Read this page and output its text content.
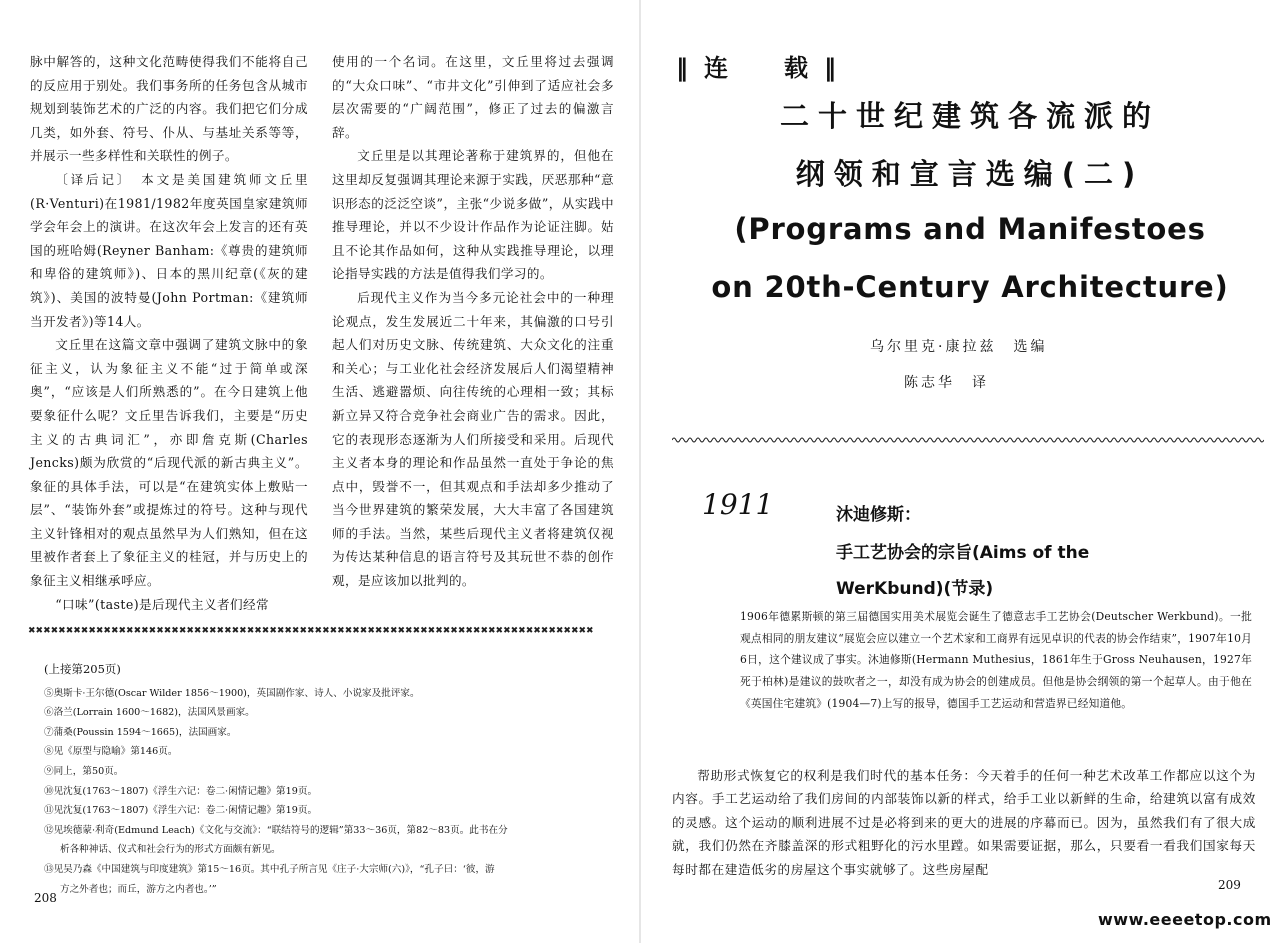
脉中解答的，这种文化范畴使得我们不能将自己的反应用于别处。我们事务所的任务包含从城市规划到装饰艺术的广泛的内容。我们把它们分成几类，如外套、符号、仆从、与基址关系等等，并展示一些多样性和关联性的例子。

〔译后记〕　本文是美国建筑师文丘里(R·Venturi)在1981/1982年度英国皇家建筑师学会年会上的演讲。在这次年会上发言的还有英国的班哈姆(Reyner Banham:《尊贵的建筑师和卑俗的建筑师》)、日本的黑川纪章(《灰的建筑》)、美国的波特曼(John Portman:《建筑师当开发者》)等14人。

文丘里在这篇文章中强调了建筑文脉中的象征主义，认为象征主义不能“过于简单或深奥”，“应该是人们所熟悉的”。在今日建筑上他要象征什么呢？文丘里告诉我们，主要是“历史主义的古典词汇”，亦即詹克斯(Charles Jencks)颇为欣赏的“后现代派的新古典主义”。象征的具体手法，可以是“在建筑实体上敷贴一层”、“装饰外套”或提炼过的符号。这种与现代主义针锋相对的观点虽然早为人们熟知，但在这里被作者套上了象征主义的桂冠，并与历史上的象征主义相继承呼应。

“口味”(taste)是后现代主义者们经常

使用的一个名词。在这里，文丘里将过去强调的“大众口味”、“市井文化”引伸到了适应社会多层次需要的“广阔范围”，修正了过去的偏激言辞。

文丘里是以其理论著称于建筑界的，但他在这里却反复强调其理论来源于实践，厌恶那种“意识形态的泛泛空谈”，主张“少说多做”，从实践中推导理论，并以不少设计作品作为论证注脚。姑且不论其作品如何，这种从实践推导理论，以理论指导实践的方法是值得我们学习的。

后现代主义作为当今多元论社会中的一种理论观点，发生发展近二十年来，其偏激的口号引起人们对历史文脉、传统建筑、大众文化的注重和关心；与工业化社会经济发展后人们渴望精神生活、逃避嚣烦、向往传统的心理相一致；其标新立异又符合竞争社会商业广告的需求。因此，它的表现形态逐渐为人们所接受和采用。后现代主义者本身的理论和作品虽然一直处于争论的焦点中，毁誉不一，但其观点和手法却多少推动了当今世界建筑的繁荣发展，大大丰富了各国建筑师的手法。当然，某些后现代主义者将建筑仅视为传达某种信息的语言符号及其玩世不恭的创作观，是应该加以批判的。

✖✖✖✖✖✖✖✖✖✖✖✖✖✖✖✖✖✖✖✖✖✖✖✖✖✖✖✖✖✖✖✖✖✖✖✖✖✖✖✖✖✖✖✖✖✖✖✖✖✖✖✖✖✖✖✖✖✖✖✖✖✖✖✖✖✖✖✖✖✖✖✖✖✖✖
(上接第205页)

⑤奥斯卡·王尔德(Oscar Wilder 1856～1900)，英国剧作家、诗人、小说家及批评家。

⑥洛兰(Lorrain 1600～1682)，法国风景画家。

⑦蒲桑(Poussin 1594～1665)，法国画家。

⑧见《原型与隐喻》第146页。

⑨同上，第50页。

⑩见沈复(1763～1807)《浮生六记：卷二·闲情记趣》第19页。

⑪见沈复(1763～1807)《浮生六记：卷二·闲情记趣》第19页。

⑫见埃德蒙·利奇(Edmund Leach)《文化与交流》：“联结符号的逻辑”第33～36页，第82～83页。此书在分

析各种神话、仪式和社会行为的形式方面颇有新见。

⑬见吴乃森《中国建筑与印度建筑》第15～16页。其中孔子所言见《庄子·大宗师(六)》，“孔子曰：‘彼，游

方之外者也；而丘，游方之内者也。’”

208
‖连　载‖
二十世纪建筑各流派的
纲领和宣言选编(二)
(Programs and Manifestoes
on 20th-Century Architecture)
乌尔里克·康拉兹　选编
陈志华　译
1911	沐迪修斯：
手工艺协会的宗旨(Aims of the
WerKbund)(节录)

1906年德累斯顿的第三届德国实用美术展览会诞生了德意志手工艺协会(Deutscher Werkbund)。一批观点相同的朋友建议“展览会应以建立一个艺术家和工商界有远见卓识的代表的协会作结束”，1907年10月6日，这个建议成了事实。沐迪修斯(Hermann Muthesius，1861年生于Gross Neuhausen，1927年死于柏林)是建议的鼓吹者之一，却没有成为协会的创建成员。但他是协会纲领的第一个起草人。由于他在《英国住宅建筑》(1904—7)上写的报导，德国手工艺运动和营造界已经知道他。

帮助形式恢复它的权利是我们时代的基本任务：今天着手的任何一种艺术改革工作都应以这个为内容。手工艺运动给了我们房间的内部装饰以新的样式，给手工业以新鲜的生命，给建筑以富有成效的灵感。这个运动的顺利进展不过是必将到来的更大的进展的序幕而已。因为，虽然我们有了很大成就，我们仍然在齐膝盖深的形式粗野化的污水里蹚。如果需要证据，那么，只要看一看我们国家每天每时都在建造低劣的房屋这个事实就够了。这些房屋配

209
www.eeeetop.com
